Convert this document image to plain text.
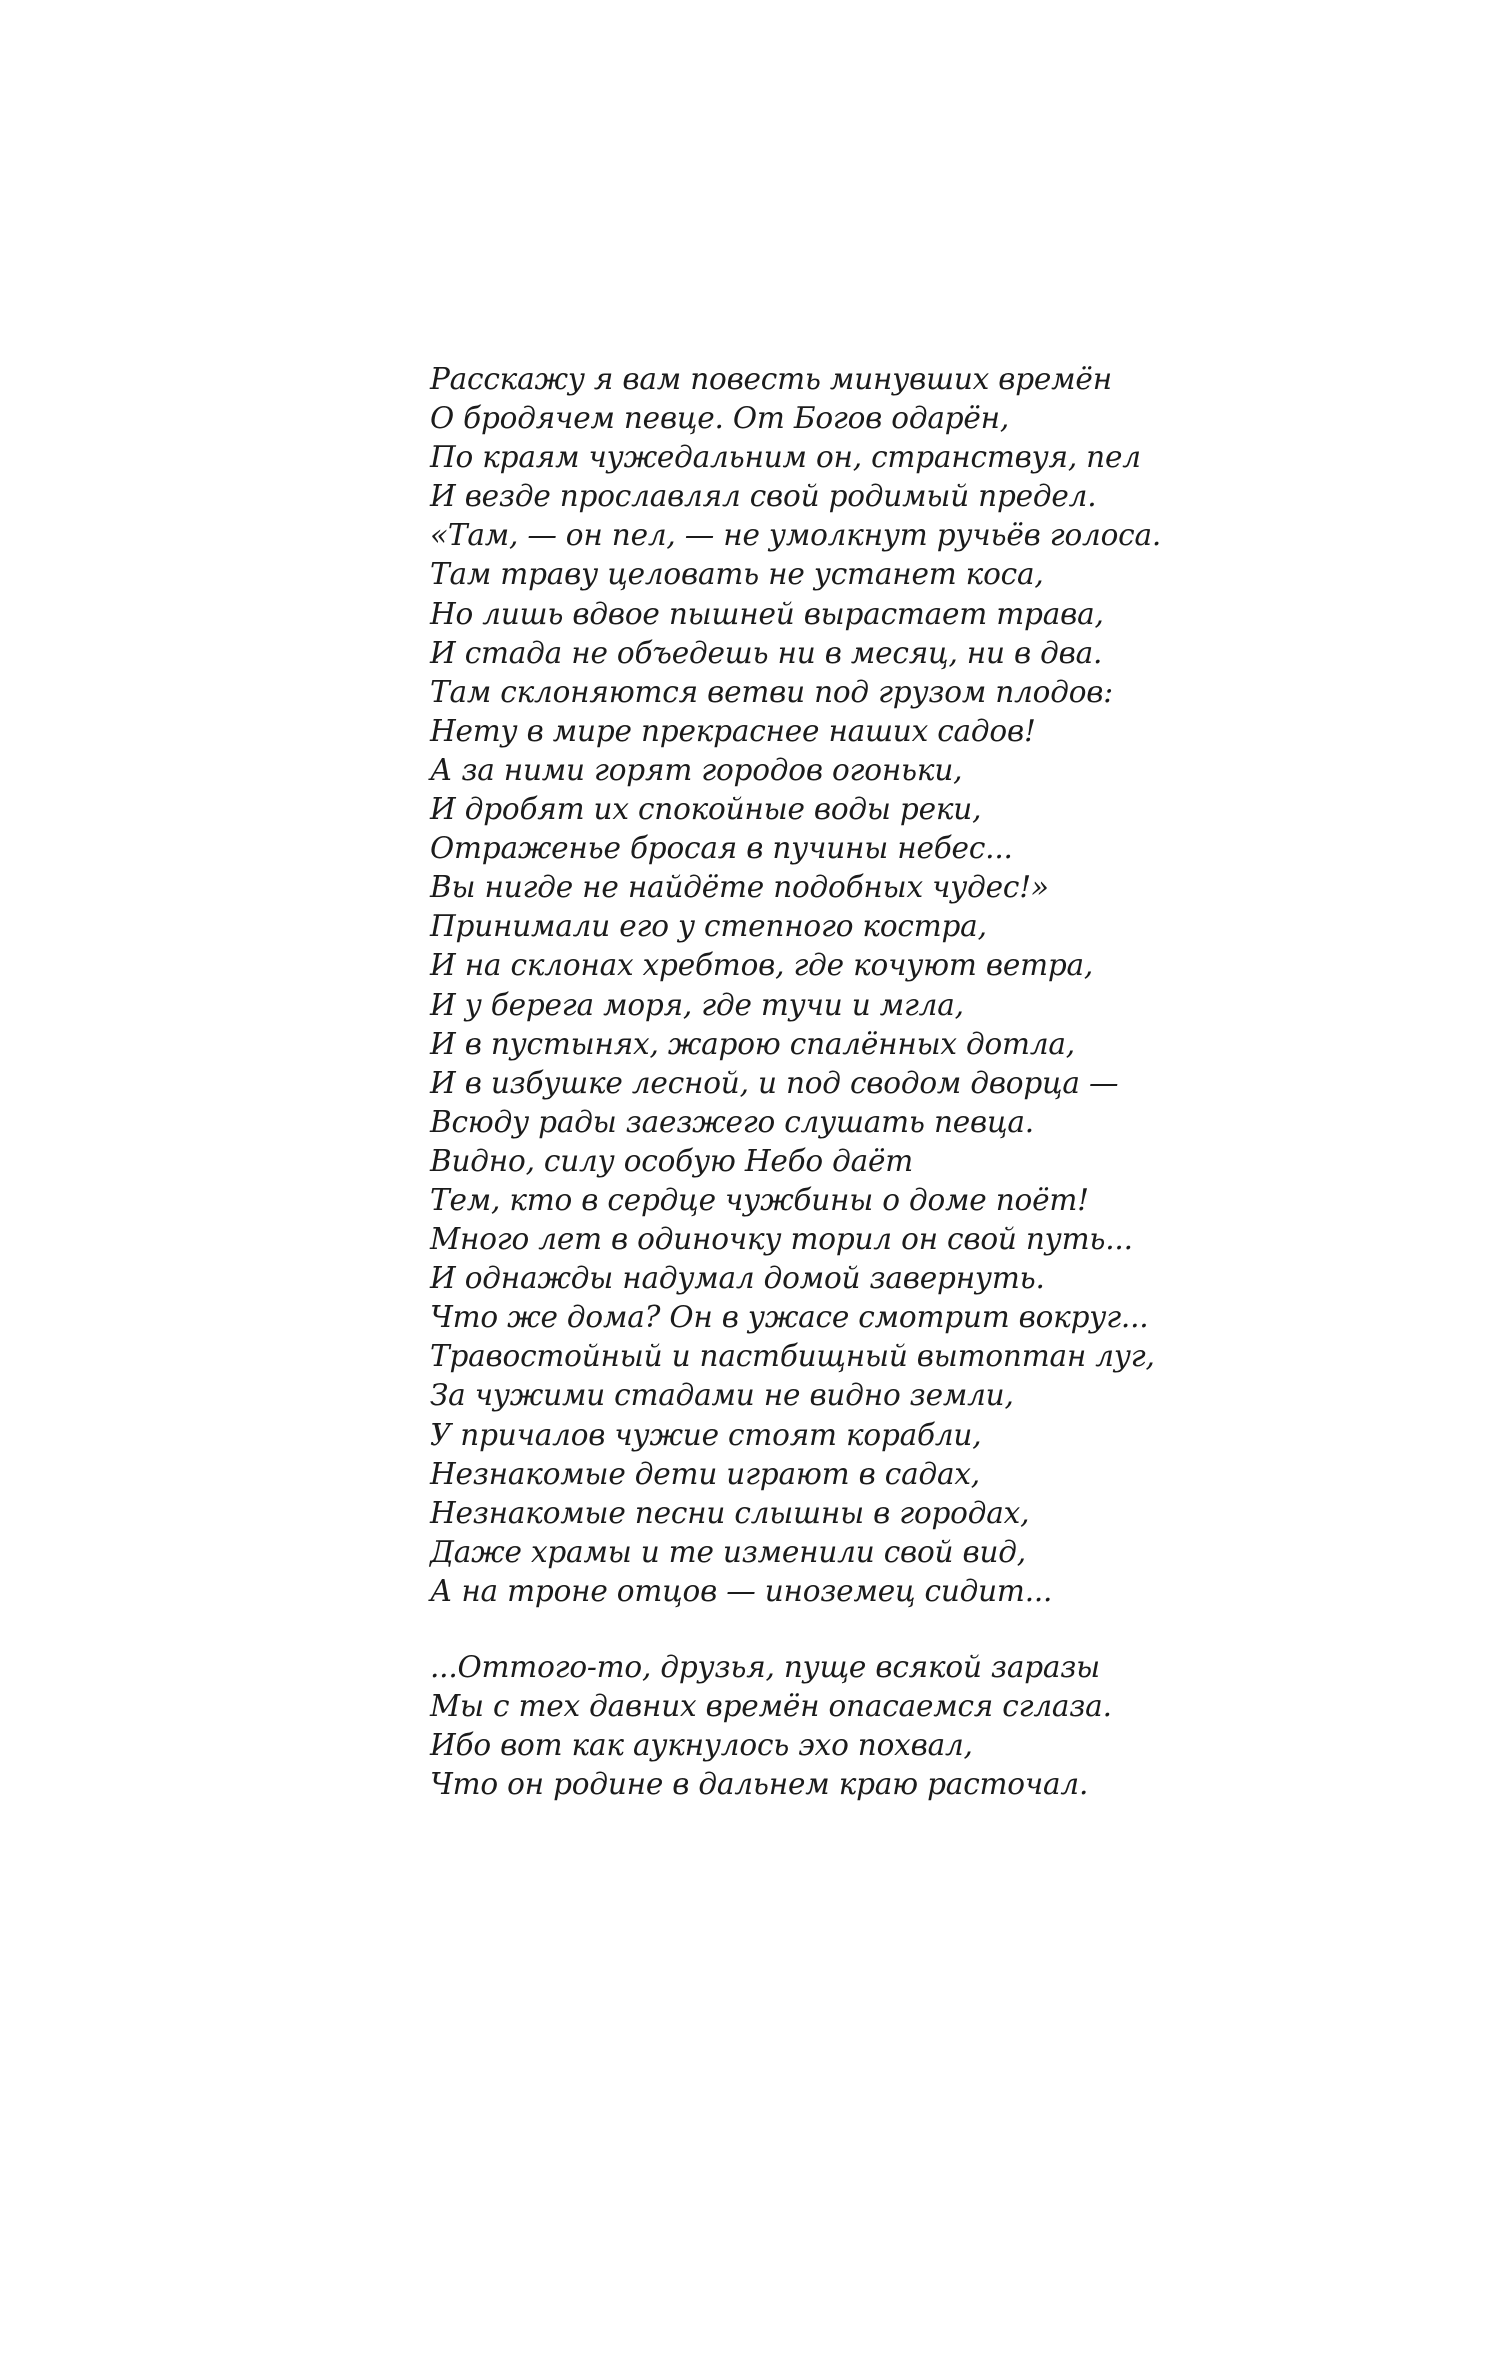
Расскажу я вам повесть минувших времён
О бродячем певце. От Богов одарён,
По краям чужедальним он, странствуя, пел
И везде прославлял свой родимый предел.
«Там, — он пел, — не умолкнут ручьёв голоса.
Там траву целовать не устанет коса,
Но лишь вдвое пышней вырастает трава,
И стада не объедешь ни в месяц, ни в два.
Там склоняются ветви под грузом плодов:
Нету в мире прекраснее наших садов!
А за ними горят городов огоньки,
И дробят их спокойные воды реки,
Отраженье бросая в пучины небес...
Вы нигде не найдёте подобных чудес!»
Принимали его у степного костра,
И на склонах хребтов, где кочуют ветра,
И у берега моря, где тучи и мгла,
И в пустынях, жарою спалённых дотла,
И в избушке лесной, и под сводом дворца —
Всюду рады заезжего слушать певца.
Видно, силу особую Небо даёт
Тем, кто в сердце чужбины о доме поёт!
Много лет в одиночку торил он свой путь...
И однажды надумал домой завернуть.
Что же дома? Он в ужасе смотрит вокруг...
Травостойный и пастбищный вытоптан луг,
За чужими стадами не видно земли,
У причалов чужие стоят корабли,
Незнакомые дети играют в садах,
Незнакомые песни слышны в городах,
Даже храмы и те изменили свой вид,
А на троне отцов — иноземец сидит...
...Оттого-то, друзья, пуще всякой заразы
Мы с тех давних времён опасаемся сглаза.
Ибо вот как аукнулось эхо похвал,
Что он родине в дальнем краю расточал.
